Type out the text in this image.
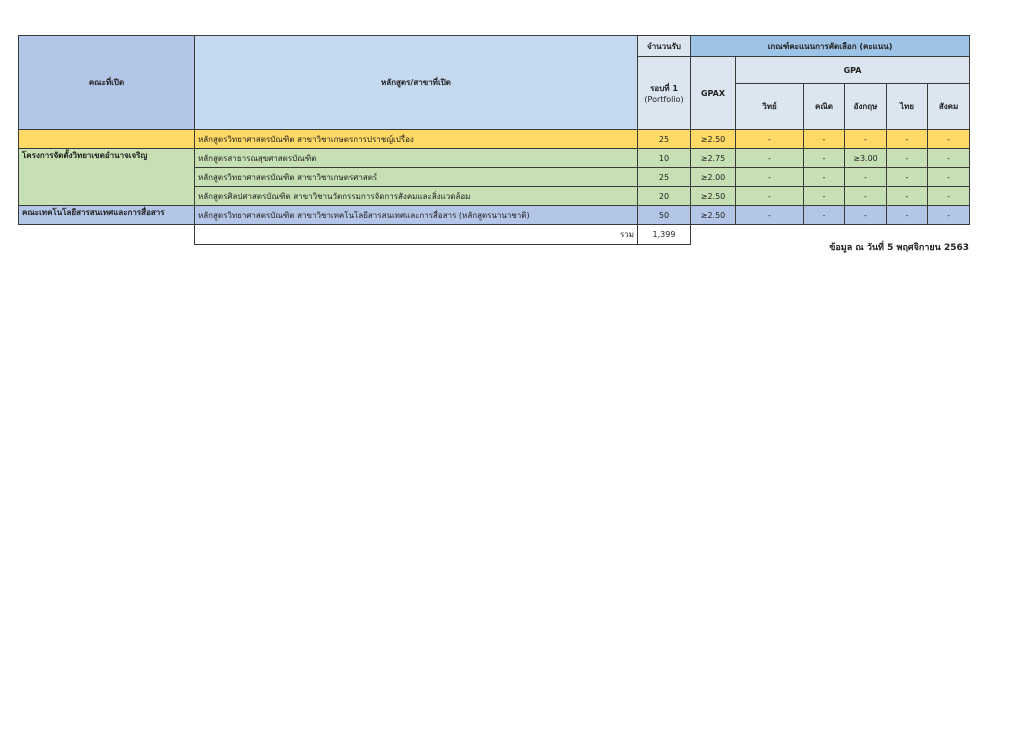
คณะที่เปิด	หลักสูตร/สาขาที่เปิด	จำนวนรับ	เกณฑ์คะแนนการคัดเลือก (คะแนน)					
		รอบที่ 1
(Portfolio)	GPAX	GPA				
				วิทย์	คณิต	อังกฤษ	ไทย	สังคม
	หลักสูตรวิทยาศาสตรบัณฑิต สาขาวิชาเกษตรการปราชญ์เปรื่อง	25	≥2.50	-	-	-	-	-
โครงการจัดตั้งวิทยาเขตอำนาจเจริญ	หลักสูตรสาธารณสุขศาสตรบัณฑิต	10	≥2.75	-	-	≥3.00	-	-
	หลักสูตรวิทยาศาสตรบัณฑิต สาขาวิชาเกษตรศาสตร์	25	≥2.00	-	-	-	-	-
	หลักสูตรศิลปศาสตรบัณฑิต สาขาวิชานวัตกรรมการจัดการสังคมและสิ่งแวดล้อม	20	≥2.50	-	-	-	-	-
คณะเทคโนโลยีสารสนเทศและการสื่อสาร	หลักสูตรวิทยาศาสตรบัณฑิต สาขาวิชาเทคโนโลยีสารสนเทศและการสื่อสาร (หลักสูตรนานาชาติ)	50	≥2.50	-	-	-	-	-
	รวม	1,399						
ข้อมูล ณ วันที่ 5 พฤศจิกายน 2563
